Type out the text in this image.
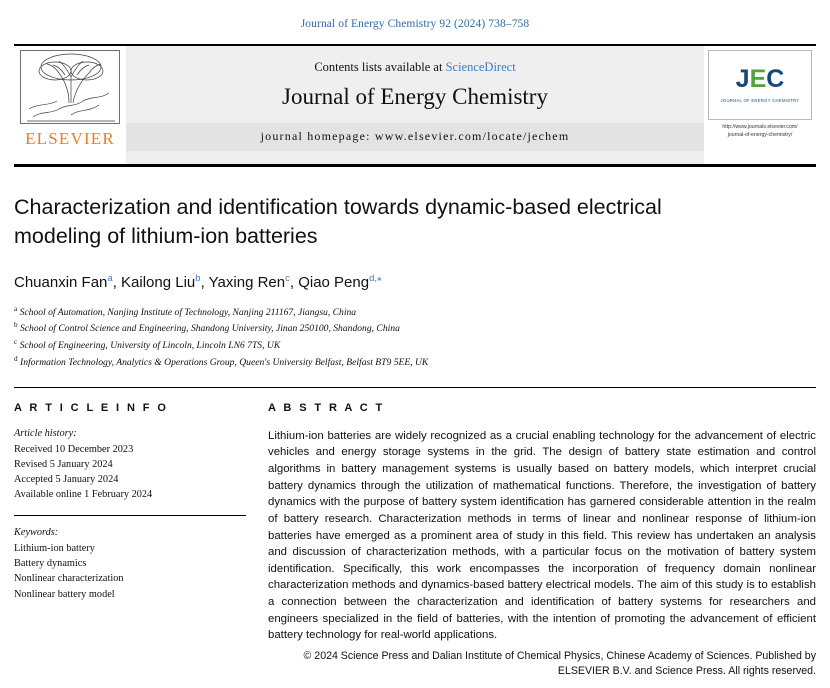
Journal of Energy Chemistry 92 (2024) 738–758
ELSEVIER
Contents lists available at ScienceDirect
Journal of Energy Chemistry
journal homepage: www.elsevier.com/locate/jechem
JEC
JOURNAL OF ENERGY CHEMISTRY
http://www.journals.elsevier.com/
journal-of-energy-chemistry/
Characterization and identification towards dynamic-based electrical modeling of lithium-ion batteries
Chuanxin Fan$^a$, Kailong Liu$^b$, Yaxing Ren$^c$, Qiao Peng$^{d,⁎}$
$^a$ School of Automation, Nanjing Institute of Technology, Nanjing 211167, Jiangsu, China
$^b$ School of Control Science and Engineering, Shandong University, Jinan 250100, Shandong, China
$^c$ School of Engineering, University of Lincoln, Lincoln LN6 7TS, UK
$^d$ Information Technology, Analytics & Operations Group, Queen's University Belfast, Belfast BT9 5EE, UK
A R T I C L E I N F O
Article history:
Received 10 December 2023
Revised 5 January 2024
Accepted 5 January 2024
Available online 1 February 2024
Keywords:
Lithium-ion battery
Battery dynamics
Nonlinear characterization
Nonlinear battery model
A B S T R A C T
Lithium-ion batteries are widely recognized as a crucial enabling technology for the advancement of electric vehicles and energy storage systems in the grid. The design of battery state estimation and control algorithms in battery management systems is usually based on battery models, which interpret crucial battery dynamics through the utilization of mathematical functions. Therefore, the investigation of battery dynamics with the purpose of battery system identification has garnered considerable attention in the realm of battery research. Characterization methods in terms of linear and nonlinear response of lithium-ion batteries have emerged as a prominent area of study in this field. This review has undertaken an analysis and discussion of characterization methods, with a particular focus on the motivation of battery system identification. Specifically, this work encompasses the incorporation of frequency domain nonlinear characterization methods and dynamics-based battery electrical models. The aim of this study is to establish a connection between the characterization and identification of battery systems for researchers and engineers specialized in the field of batteries, with the intention of promoting the advancement of efficient battery technology for real-world applications.
© 2024 Science Press and Dalian Institute of Chemical Physics, Chinese Academy of Sciences. Published by ELSEVIER B.V. and Science Press. All rights reserved.
